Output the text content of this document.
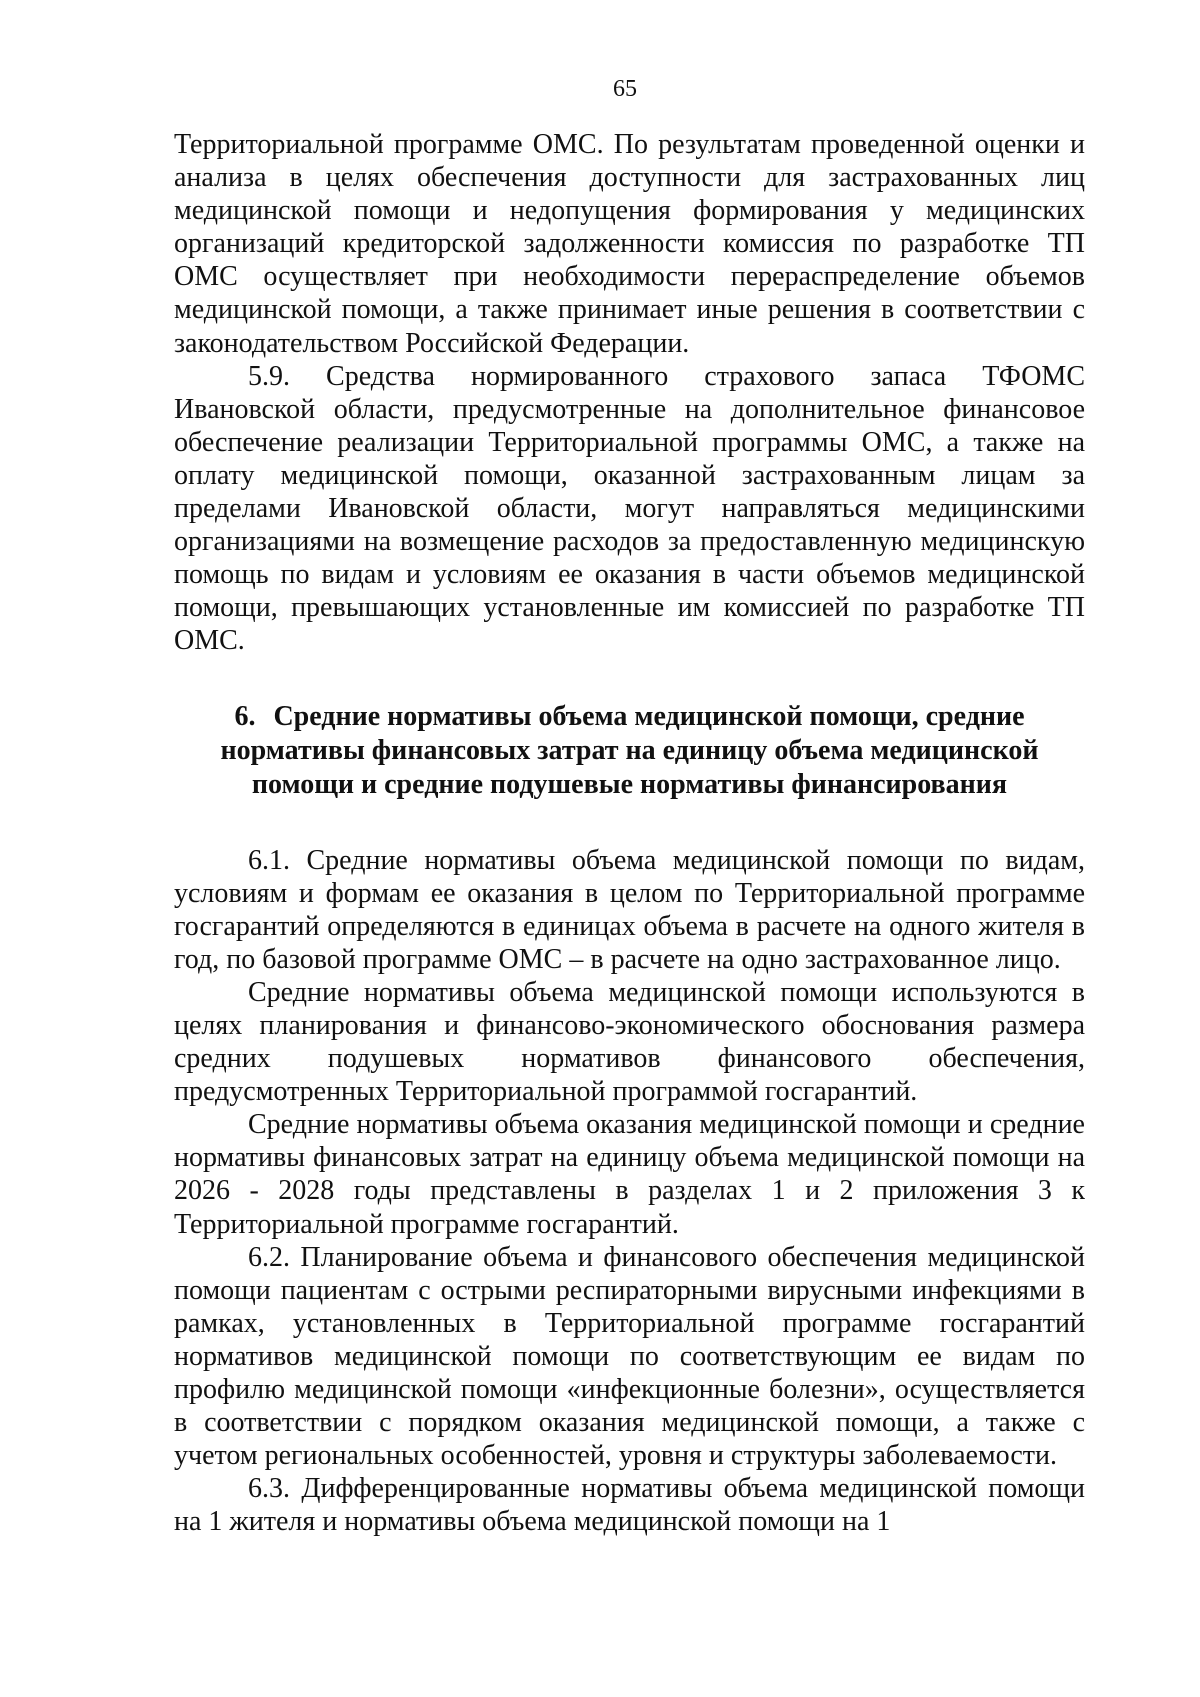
65

Территориальной программе ОМС. По результатам проведенной оценки и анализа в целях обеспечения доступности для застрахованных лиц медицинской помощи и недопущения формирования у медицинских организаций кредиторской задолженности комиссия по разработке ТП ОМС осуществляет при необходимости перераспределение объемов медицинской помощи, а также принимает иные решения в соответствии с законодательством Российской Федерации.

5.9. Средства нормированного страхового запаса ТФОМС Ивановской области, предусмотренные на дополнительное финансовое обеспечение реализации Территориальной программы ОМС, а также на оплату медицинской помощи, оказанной застрахованным лицам за пределами Ивановской области, могут направляться медицинскими организациями на возмещение расходов за предоставленную медицинскую помощь по видам и условиям ее оказания в части объемов медицинской помощи, превышающих установленные им комиссией по разработке ТП ОМС.

6. Средние нормативы объема медицинской помощи, средние нормативы финансовых затрат на единицу объема медицинской помощи и средние подушевые нормативы финансирования

6.1. Средние нормативы объема медицинской помощи по видам, условиям и формам ее оказания в целом по Территориальной программе госгарантий определяются в единицах объема в расчете на одного жителя в год, по базовой программе ОМС – в расчете на одно застрахованное лицо.

Средние нормативы объема медицинской помощи используются в целях планирования и финансово-экономического обоснования размера средних подушевых нормативов финансового обеспечения, предусмотренных Территориальной программой госгарантий.

Средние нормативы объема оказания медицинской помощи и средние нормативы финансовых затрат на единицу объема медицинской помощи на 2026 - 2028 годы представлены в разделах 1 и 2 приложения 3 к Территориальной программе госгарантий.

6.2. Планирование объема и финансового обеспечения медицинской помощи пациентам с острыми респираторными вирусными инфекциями в рамках, установленных в Территориальной программе госгарантий нормативов медицинской помощи по соответствующим ее видам по профилю медицинской помощи «инфекционные болезни», осуществляется в соответствии с порядком оказания медицинской помощи, а также с учетом региональных особенностей, уровня и структуры заболеваемости.

6.3. Дифференцированные нормативы объема медицинской помощи на 1 жителя и нормативы объема медицинской помощи на 1
